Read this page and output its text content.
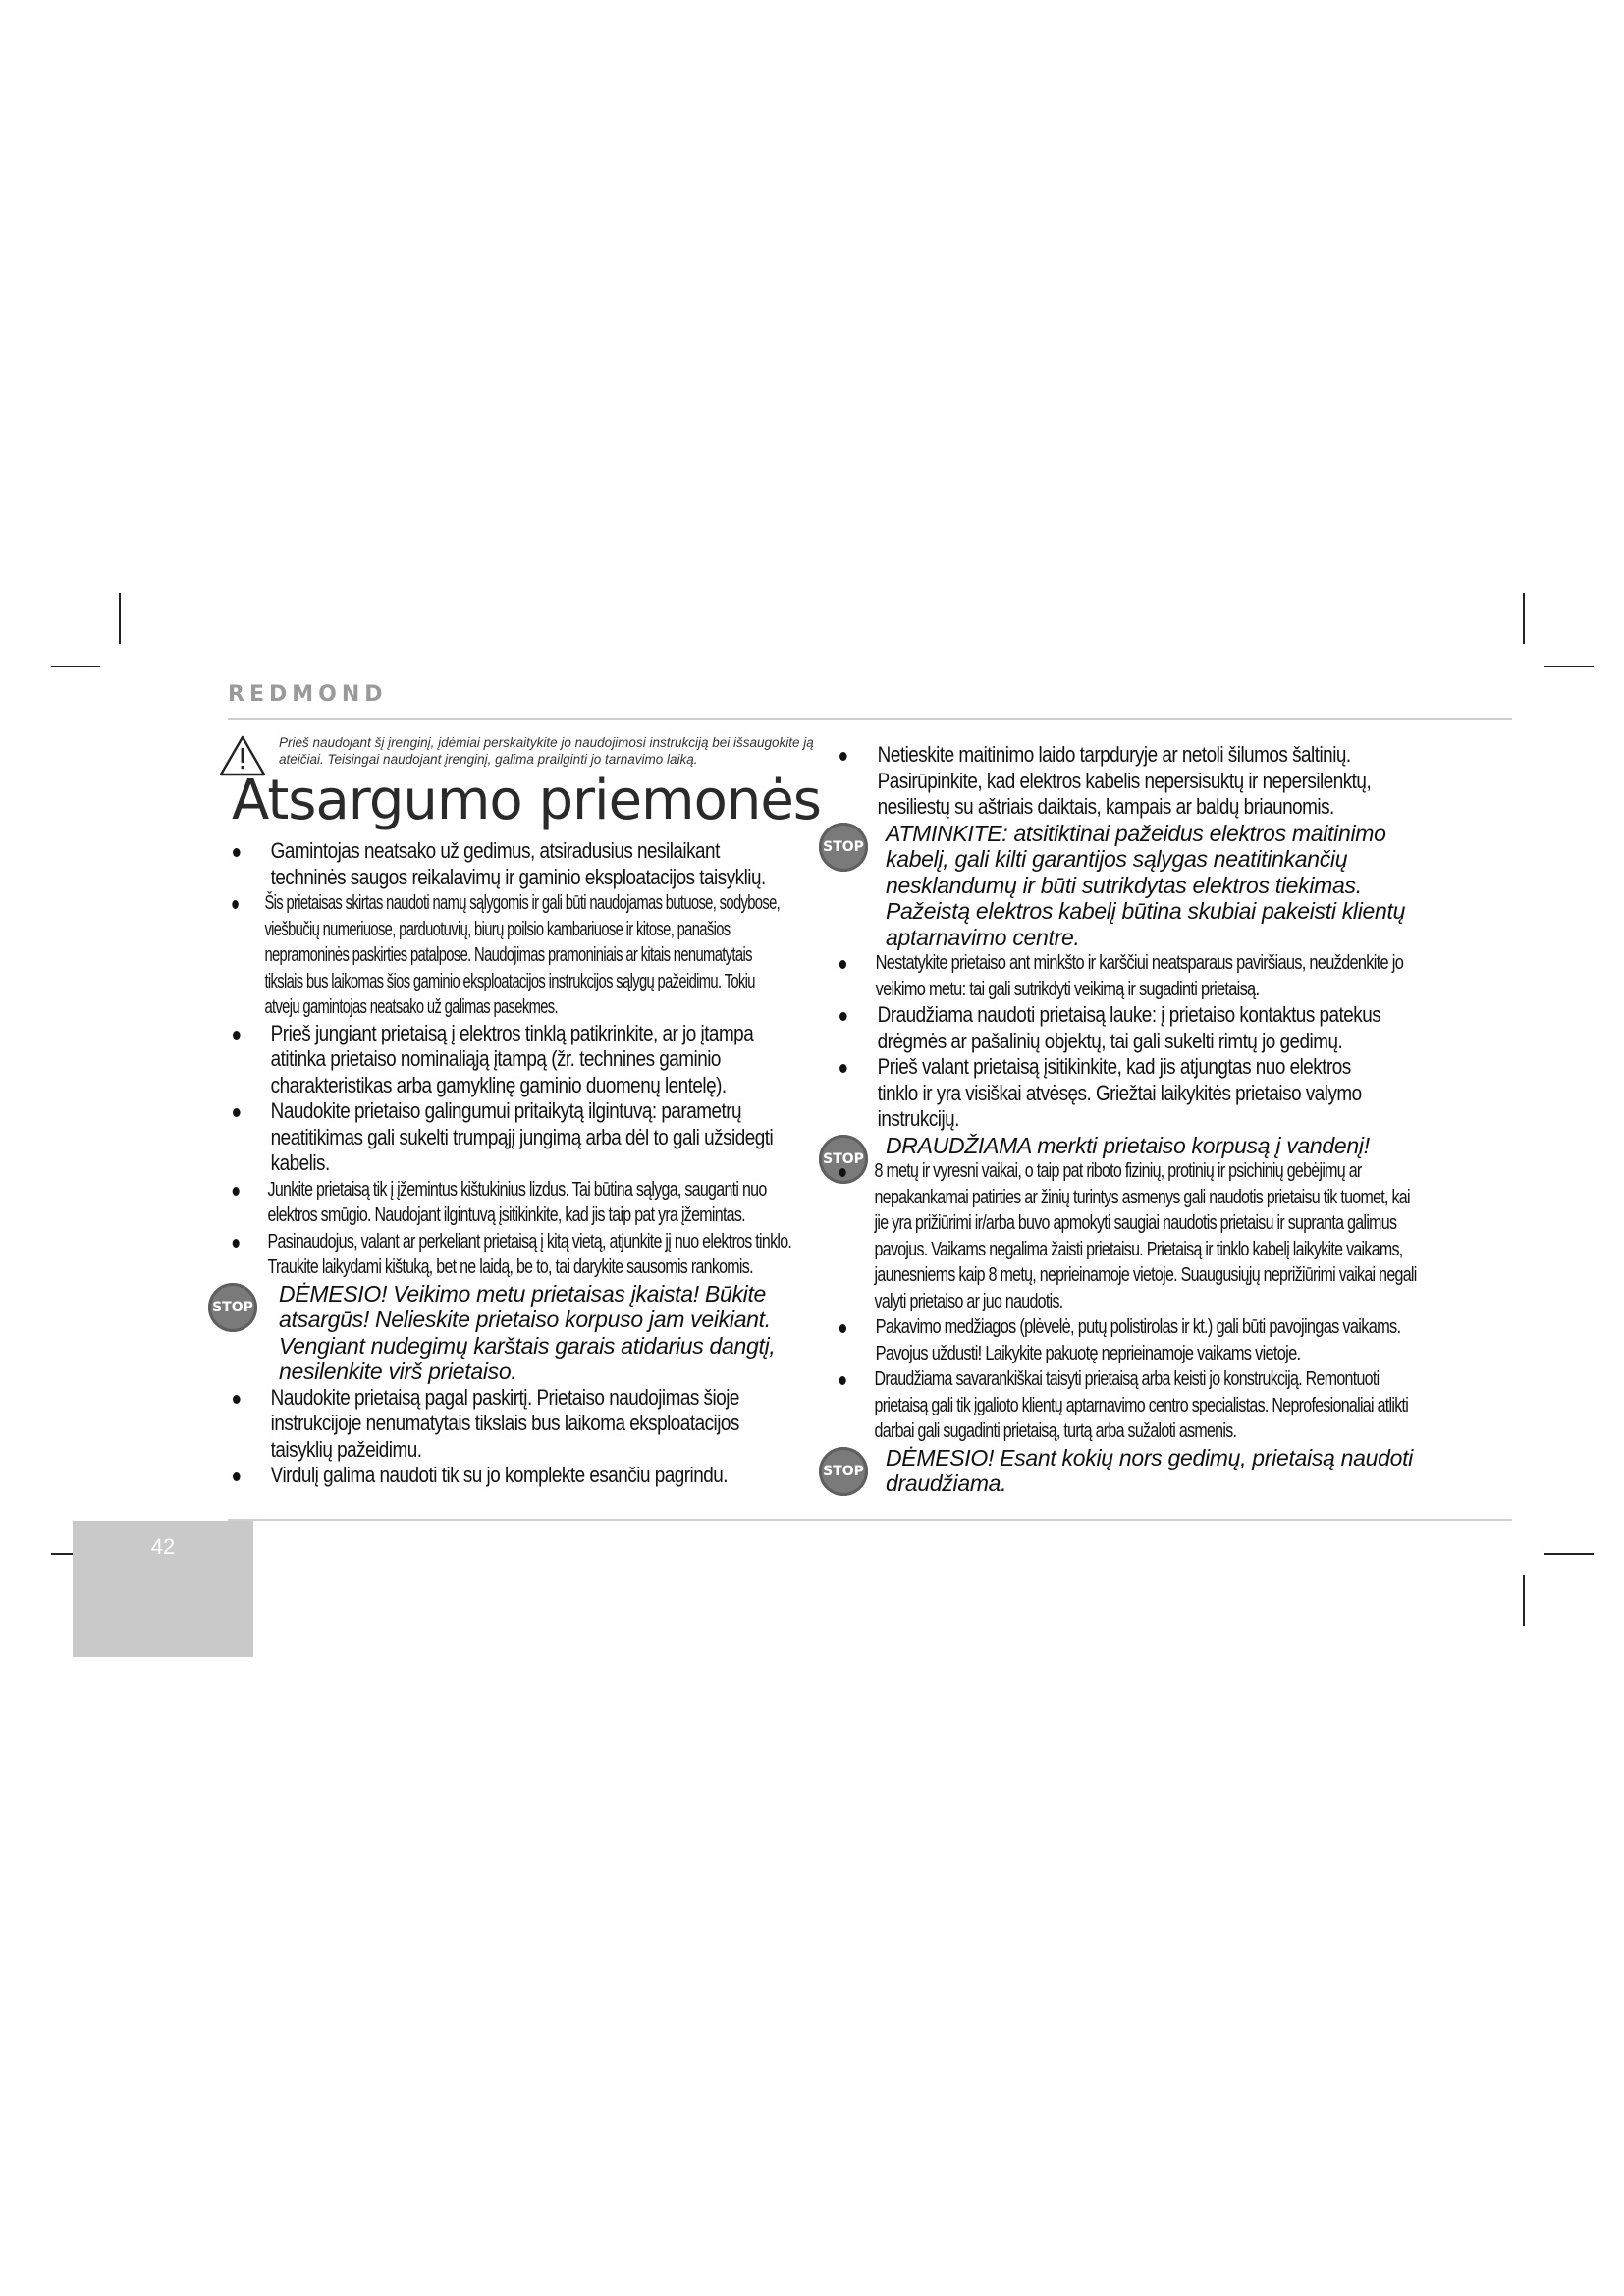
REDMOND
Prieš naudojant šį įrenginį, įdėmiai perskaitykite jo naudojimosi instrukciją bei išsaugokite ją ateičiai. Teisingai naudojant įrenginį, galima prailginti jo tarnavimo laiką.
Atsargumo priemonės
Gamintojas neatsako už gedimus, atsiradusius nesilaikant techninės saugos reikalavimų ir gaminio eksploatacijos taisyklių.
Šis prietaisas skirtas naudoti namų sąlygomis ir gali būti naudojamas butuose, sodybose, viešbučių numeriuose, parduotuvių, biurų poilsio kambariuose ir kitose, panašios nepramoninės paskirties patalpose. Naudojimas pramoniniais ar kitais nenumatytais tikslais bus laikomas šios gaminio eksploatacijos instrukcijos sąlygų pažeidimu. Tokiu atveju gamintojas neatsako už galimas pasekmes.
Prieš jungiant prietaisą į elektros tinklą patikrinkite, ar jo įtampa atitinka prietaiso nominaliąją įtampą (žr. technines gaminio charakteristikas arba gamyklinę gaminio duomenų lentelę).
Naudokite prietaiso galingumui pritaikytą ilgintuvą: parametrų neatitikimas gali sukelti trumpąjį jungimą arba dėl to gali užsidegti kabelis.
Junkite prietaisą tik į įžemintus kištukinius lizdus. Tai būtina sąlyga, sauganti nuo elektros smūgio. Naudojant ilgintuvą įsitikinkite, kad jis taip pat yra įžemintas.
Pasinaudojus, valant ar perkeliant prietaisą į kitą vietą, atjunkite jį nuo elektros tinklo. Traukite laikydami kištuką, bet ne laidą, be to, tai darykite sausomis rankomis.
STOP
DĖMESIO! Veikimo metu prietaisas įkaista! Būkite atsargūs! Nelieskite prietaiso korpuso jam veikiant. Vengiant nudegimų karštais garais atidarius dangtį, nesilenkite virš prietaiso.
Naudokite prietaisą pagal paskirtį. Prietaiso naudojimas šioje instrukcijoje nenumatytais tikslais bus laikoma eksploatacijos taisyklių pažeidimu.
Virdulį galima naudoti tik su jo komplekte esančiu pagrindu.
Netieskite maitinimo laido tarpduryje ar netoli šilumos šaltinių. Pasirūpinkite, kad elektros kabelis nepersisuktų ir nepersilenktų, nesiliestų su aštriais daiktais, kampais ar baldų briaunomis.
STOP
ATMINKITE: atsitiktinai pažeidus elektros maitinimo kabelį, gali kilti garantijos sąlygas neatitinkančių nesklandumų ir būti sutrikdytas elektros tiekimas. Pažeistą elektros kabelį būtina skubiai pakeisti klientų aptarnavimo centre.
Nestatykite prietaiso ant minkšto ir karščiui neatsparaus paviršiaus, neuždenkite jo veikimo metu: tai gali sutrikdyti veikimą ir sugadinti prietaisą.
Draudžiama naudoti prietaisą lauke: į prietaiso kontaktus patekus drėgmės ar pašalinių objektų, tai gali sukelti rimtų jo gedimų.
Prieš valant prietaisą įsitikinkite, kad jis atjungtas nuo elektros tinklo ir yra visiškai atvėsęs. Griežtai laikykitės prietaiso valymo instrukcijų.
STOP
DRAUDŽIAMA merkti prietaiso korpusą į vandenį!
8 metų ir vyresni vaikai, o taip pat riboto fizinių, protinių ir psichinių gebėjimų ar nepakankamai patirties ar žinių turintys asmenys gali naudotis prietaisu tik tuomet, kai jie yra prižiūrimi ir/arba buvo apmokyti saugiai naudotis prietaisu ir supranta galimus pavojus. Vaikams negalima žaisti prietaisu. Prietaisą ir tinklo kabelį laikykite vaikams, jaunesniems kaip 8 metų, neprieinamoje vietoje. Suaugusiųjų neprižiūrimi vaikai negali valyti prietaiso ar juo naudotis.
Pakavimo medžiagos (plėvelė, putų polistirolas ir kt.) gali būti pavojingas vaikams. Pavojus uždusti! Laikykite pakuotę neprieinamoje vaikams vietoje.
Draudžiama savarankiškai taisyti prietaisą arba keisti jo konstrukciją. Remontuoti prietaisą gali tik įgalioto klientų aptarnavimo centro specialistas. Neprofesionaliai atlikti darbai gali sugadinti prietaisą, turtą arba sužaloti asmenis.
STOP
DĖMESIO! Esant kokių nors gedimų, prietaisą naudoti draudžiama.
42
